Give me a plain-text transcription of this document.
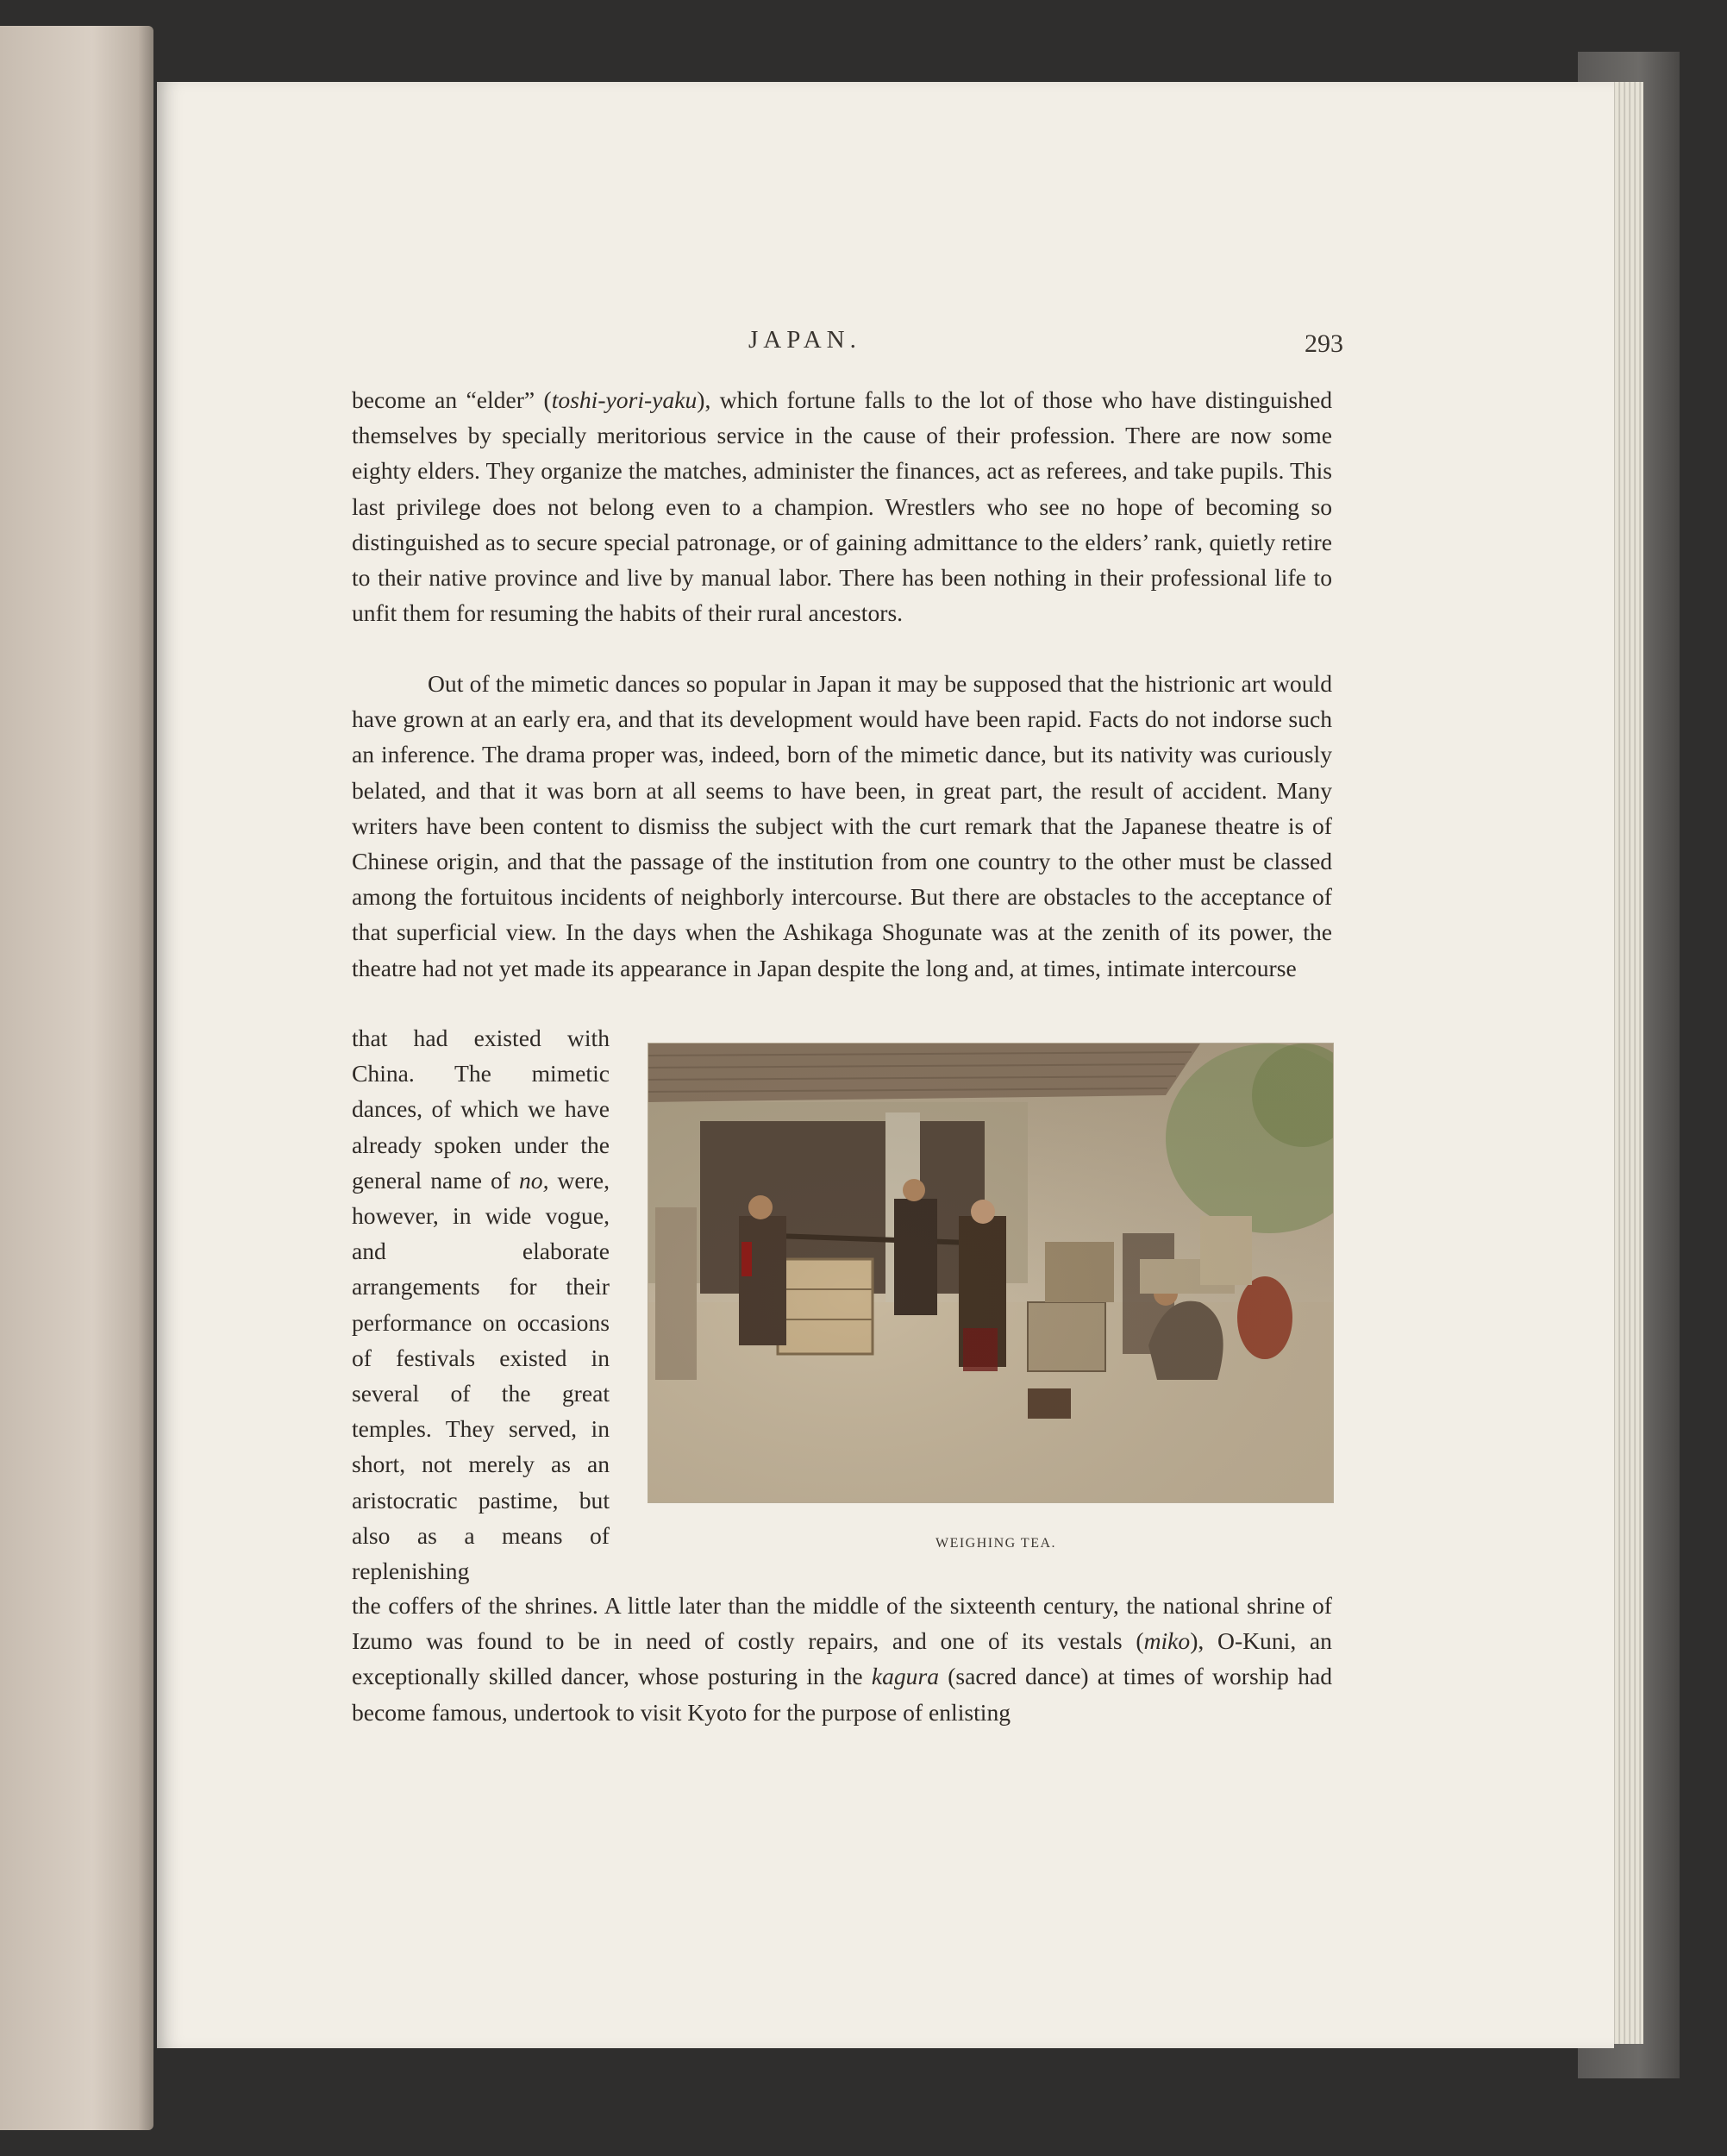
JAPAN.	293

become an “elder” (toshi-yori-yaku), which fortune falls to the lot of those who have distinguished themselves by specially meritorious service in the cause of their profession. There are now some eighty elders. They organize the matches, administer the finances, act as referees, and take pupils. This last privilege does not belong even to a champion. Wrestlers who see no hope of becoming so distinguished as to secure special patronage, or of gaining admittance to the elders’ rank, quietly retire to their native province and live by manual labor. There has been nothing in their professional life to unfit them for resuming the habits of their rural ancestors.

Out of the mimetic dances so popular in Japan it may be supposed that the histrionic art would have grown at an early era, and that its development would have been rapid. Facts do not indorse such an inference. The drama proper was, indeed, born of the mimetic dance, but its nativity was curiously belated, and that it was born at all seems to have been, in great part, the result of accident. Many writers have been content to dismiss the subject with the curt remark that the Japanese theatre is of Chinese origin, and that the passage of the institution from one country to the other must be classed among the fortuitous incidents of neighborly intercourse. But there are obstacles to the acceptance of that superficial view. In the days when the Ashikaga Shogunate was at the zenith of its power, the theatre had not yet made its appearance in Japan despite the long and, at times, intimate intercourse

that had existed with China. The mimetic dances, of which we have already spoken under the general name of no, were, however, in wide vogue, and elaborate arrangements for their performance on occasions of festivals existed in several of the great temples. They served, in short, not merely as an aristocratic pastime, but also as a means of replenishing

WEIGHING TEA.

the coffers of the shrines. A little later than the middle of the sixteenth century, the national shrine of Izumo was found to be in need of costly repairs, and one of its vestals (miko), O-Kuni, an exceptionally skilled dancer, whose posturing in the kagura (sacred dance) at times of worship had become famous, undertook to visit Kyoto for the purpose of enlisting
